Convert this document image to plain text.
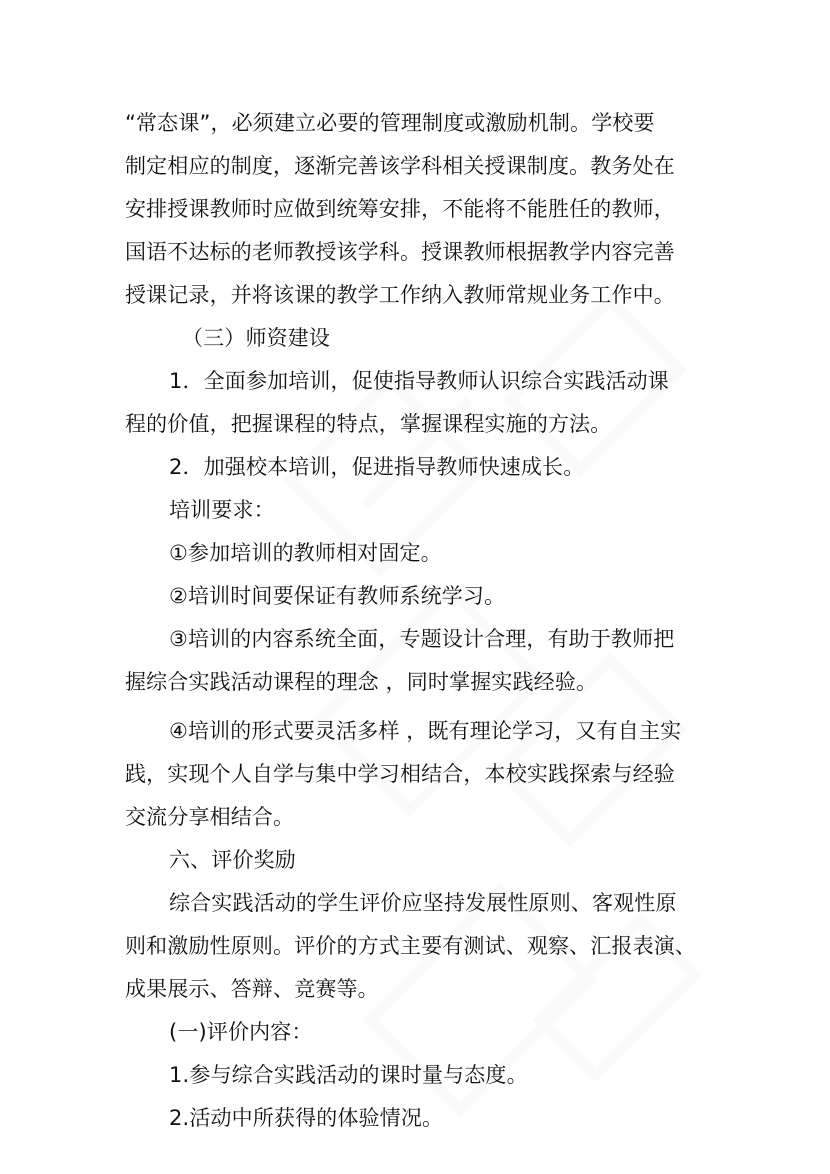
“常态课”，必须建立必要的管理制度或激励机制。学校要

制定相应的制度，逐渐完善该学科相关授课制度。教务处在

安排授课教师时应做到统筹安排，不能将不能胜任的教师，

国语不达标的老师教授该学科。授课教师根据教学内容完善

授课记录，并将该课的教学工作纳入教师常规业务工作中。

（三）师资建设

1．全面参加培训，促使指导教师认识综合实践活动课

程的价值，把握课程的特点，掌握课程实施的方法。

2．加强校本培训，促进指导教师快速成长。

培训要求：

①参加培训的教师相对固定。

②培训时间要保证有教师系统学习。

③培训的内容系统全面，专题设计合理，有助于教师把

握综合实践活动课程的理念 ，同时掌握实践经验。

④培训的形式要灵活多样 ，既有理论学习，又有自主实

践，实现个人自学与集中学习相结合，本校实践探索与经验

交流分享相结合。

六、评价奖励

综合实践活动的学生评价应坚持发展性原则、客观性原

则和激励性原则。评价的方式主要有测试、观察、汇报表演、

成果展示、答辩、竞赛等。

(一)评价内容：

1.参与综合实践活动的课时量与态度。

2.活动中所获得的体验情况。
